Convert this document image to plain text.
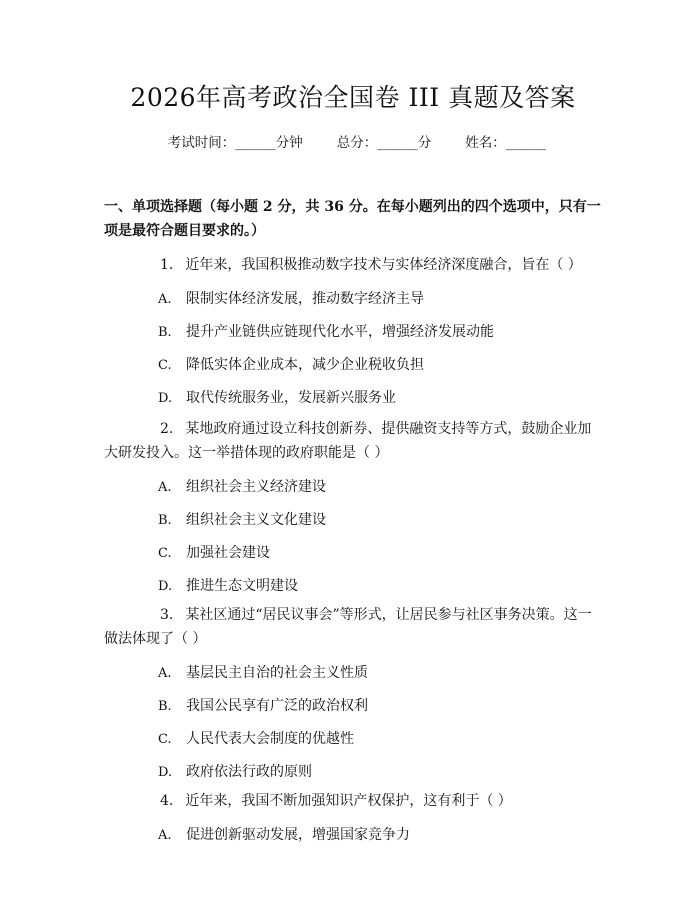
2026年高考政治全国卷 III 真题及答案
考试时间：______分钟	总分：______分	姓名：______

一、单项选择题（每小题 2 分，共 36 分。在每小题列出的四个选项中，只有一项是最符合题目要求的。）

1. 近年来，我国积极推动数字技术与实体经济深度融合，旨在（ ）

A.	限制实体经济发展，推动数字经济主导
B.	提升产业链供应链现代化水平，增强经济发展动能
C.	降低实体企业成本，减少企业税收负担
D. 取代传统服务业，发展新兴服务业

2. 某地政府通过设立科技创新券、提供融资支持等方式，鼓励企业加大研发投入。这一举措体现的政府职能是（ ）

A.	组织社会主义经济建设
B.	组织社会主义文化建设
C.	加强社会建设
D. 推进生态文明建设

3. 某社区通过“居民议事会”等形式，让居民参与社区事务决策。这一做法体现了（ ）

A.	基层民主自治的社会主义性质
B.	我国公民享有广泛的政治权利
C.	人民代表大会制度的优越性
D. 政府依法行政的原则

4. 近年来，我国不断加强知识产权保护，这有利于（ ）

A.	促进创新驱动发展，增强国家竞争力
